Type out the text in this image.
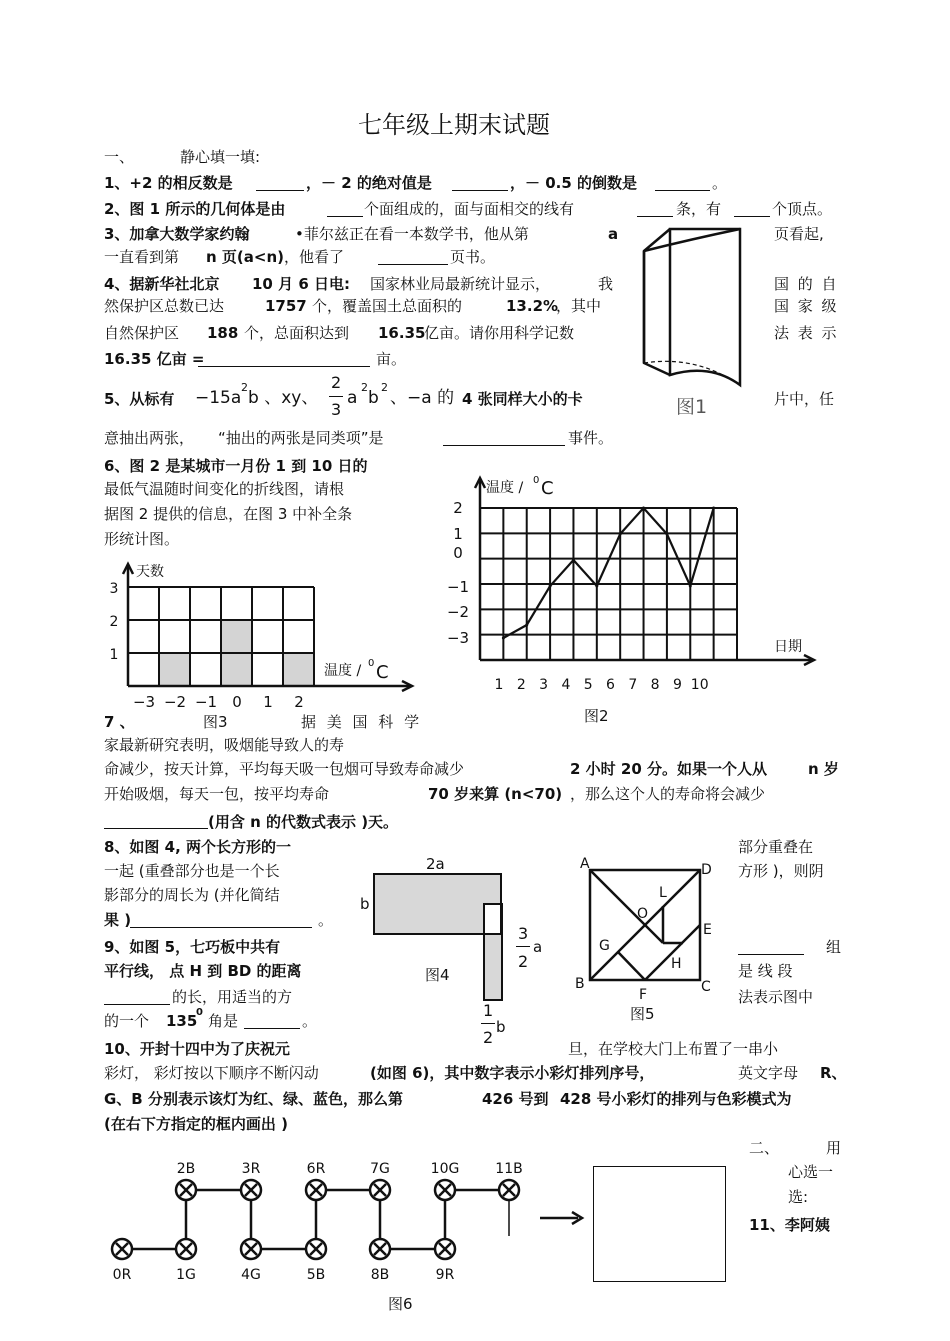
七年级上期末试题
一、	静心填一填:
1、+2 的相反数是	，－ 2 的绝对值是	，－ 0.5 的倒数是	。
2、图 1 所示的几何体是由	个面组成的，面与面相交的线有	条，有	个顶点。
3、加拿大数学家约翰	•菲尔兹正在看一本数学书，他从第	a	页看起,
一直看到第 n 页(a<n) ，他看了	页书。
4、据新华社北京 10 月 6 日电: 国家林业局最新统计显示，	我	国 的 自
然保护区总数已达	1757 个，覆盖国土总面积的	13.2%
，其中	国 家 级
自然保护区 188 个，总面积达到 16.35
亿亩。请你用科学记数	法 表 示
16.35 亿亩 =	亩。
5、从标有 −15a
2
b 、xy、
2
3
a
2
b
2
、−a 的 4 张同样大小的卡	片中，任
意抽出两张， “抽出的两张是同类项”是	事件。
6、图 2 是某城市一月份 1 到 10 日的
最低气温随时间变化的折线图，请根
据图 2 提供的信息，在图 3 中补全条
形统计图。
7 、	图3	据 美 国 科 学
家最新研究表明，吸烟能导致人的寿
命减少，按天计算，平均每天吸一包烟可导致寿命减少	2 小时 20 分。如果一个人从	n 岁
开始吸烟，每天一包，按平均寿命	70 岁来算 (n<70) ，那么这个人的寿命将会减少
(用含 n 的代数式表示 )天。
8、如图 4, 两个长方形的一	部分重叠在
一起 (重叠部分也是一个长	方形 )，则阴
影部分的周长为 (并化简结
果 )	。
9、如图 5，七巧板中共有	组
平行线， 点 H 到 BD 的距离	是 线 段
的长，用适当的方	法表示图中
的一个 135
0 角是	。
10、开封十四中为了庆祝元	旦，在学校大门上布置了一串小
彩灯， 彩灯按以下顺序不断闪动	(如图 6)，其中数字表示小彩灯排列序号，	英文字母 R、
G、B 分别表示该灯为红、绿、蓝色，那么第	426 号到 428 号小彩灯的排列与色彩模式为
(在右下方指定的框内画出 )
二、	用
心选一
选:
11、李阿姨
图1
2
1
0
−1
−2
−3
1 2 3 4 5 6 7 8 9 10
温度 / 0 C
日期
图2
3
2
1
−3 −2 −1 0 1 2
天数
温度 / 0 C
2a
b
3
2
a
图4
1
2
b
A	D
B	C
O
L
E
G
H
F
图5
0R	1G
2B	3R
4G	5B
6R	7G
8B	9R
10G	11B
图6
